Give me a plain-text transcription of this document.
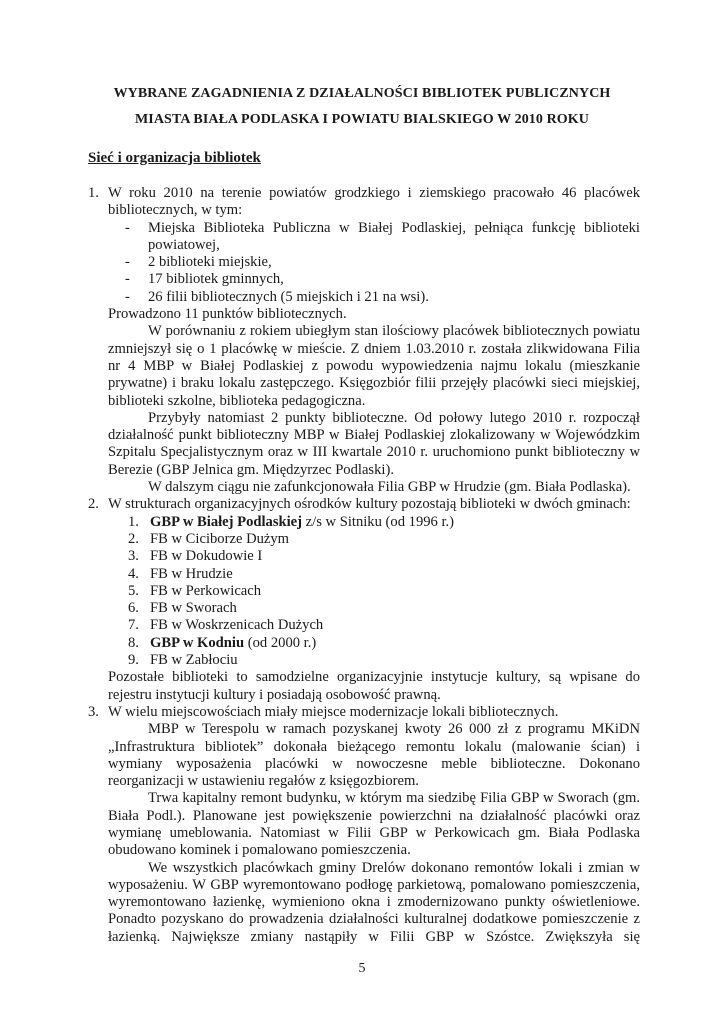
WYBRANE ZAGADNIENIA Z DZIAŁALNOŚCI BIBLIOTEK PUBLICZNYCH
MIASTA BIAŁA PODLASKA I POWIATU BIALSKIEGO W 2010 ROKU
Sieć i organizacja bibliotek
1. W roku 2010 na terenie powiatów grodzkiego i ziemskiego pracowało 46 placówek
bibliotecznych, w tym:
-	Miejska Biblioteka Publiczna w Białej Podlaskiej, pełniąca funkcję biblioteki
powiatowej,
-	2 biblioteki miejskie,
-	17 bibliotek gminnych,
-	26 filii bibliotecznych (5 miejskich i 21 na wsi).
Prowadzono 11 punktów bibliotecznych.
W porównaniu z rokiem ubiegłym stan ilościowy placówek bibliotecznych powiatu
zmniejszył się o 1 placówkę w mieście. Z dniem 1.03.2010 r. została zlikwidowana Filia
nr 4 MBP w Białej Podlaskiej z powodu wypowiedzenia najmu lokalu (mieszkanie
prywatne) i braku lokalu zastępczego. Księgozbiór filii przejęły placówki sieci miejskiej,
biblioteki szkolne, biblioteka pedagogiczna.
Przybyły natomiast 2 punkty biblioteczne. Od połowy lutego 2010 r. rozpoczął
działalność punkt biblioteczny MBP w Białej Podlaskiej zlokalizowany w Wojewódzkim
Szpitalu Specjalistycznym oraz w III kwartale 2010 r. uruchomiono punkt biblioteczny w
Berezie (GBP Jelnica gm. Międzyrzec Podlaski).
W dalszym ciągu nie zafunkcjonowała Filia GBP w Hrudzie (gm. Biała Podlaska).
2. W strukturach organizacyjnych ośrodków kultury pozostają biblioteki w dwóch gminach:
1. GBP w Białej Podlaskiej z/s w Sitniku (od 1996 r.)
2. FB w Ciciborze Dużym
3. FB w Dokudowie I
4. FB w Hrudzie
5. FB w Perkowicach
6. FB w Sworach
7. FB w Woskrzenicach Dużych
8. GBP w Kodniu (od 2000 r.)
9. FB w Zabłociu
Pozostałe biblioteki to samodzielne organizacyjnie instytucje kultury, są wpisane do
rejestru instytucji kultury i posiadają osobowość prawną.
3. W wielu miejscowościach miały miejsce modernizacje lokali bibliotecznych.
MBP w Terespolu w ramach pozyskanej kwoty 26 000 zł z programu MKiDN
„Infrastruktura bibliotek” dokonała bieżącego remontu lokalu (malowanie ścian) i
wymiany wyposażenia placówki w nowoczesne meble biblioteczne. Dokonano
reorganizacji w ustawieniu regałów z księgozbiorem.
Trwa kapitalny remont budynku, w którym ma siedzibę Filia GBP w Sworach (gm.
Biała Podl.). Planowane jest powiększenie powierzchni na działalność placówki oraz
wymianę umeblowania. Natomiast w Filii GBP w Perkowicach gm. Biała Podlaska
obudowano kominek i pomalowano pomieszczenia.
We wszystkich placówkach gminy Drelów dokonano remontów lokali i zmian w
wyposażeniu. W GBP wyremontowano podłogę parkietową, pomalowano pomieszczenia,
wyremontowano łazienkę, wymieniono okna i zmodernizowano punkty oświetleniowe.
Ponadto pozyskano do prowadzenia działalności kulturalnej dodatkowe pomieszczenie z
łazienką. Największe zmiany nastąpiły w Filii GBP w Szóstce. Zwiększyła się
5
